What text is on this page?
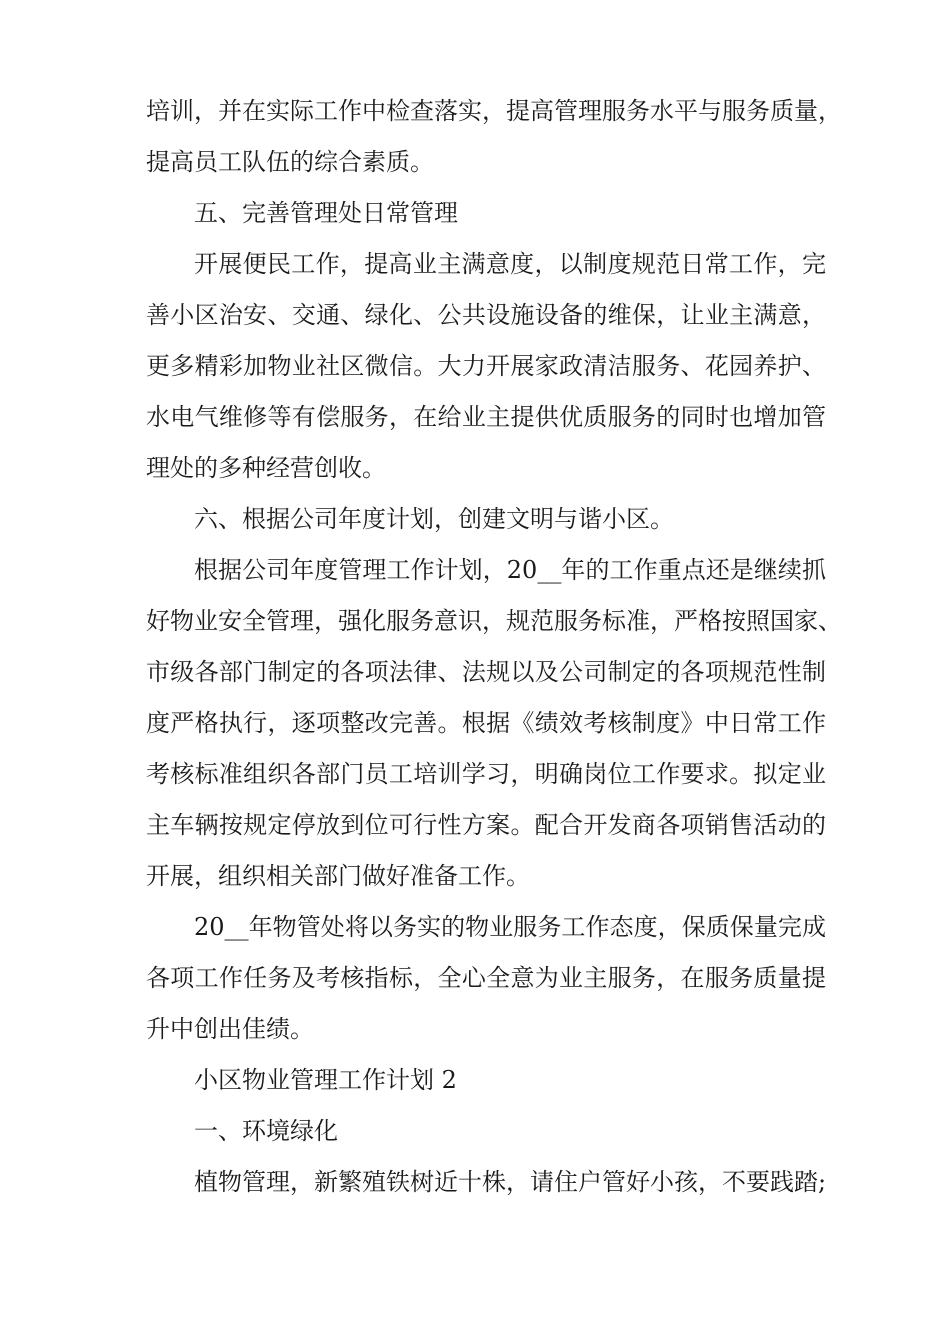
培训，并在实际工作中检查落实，提高管理服务水平与服务质量，
提高员工队伍的综合素质。
五、完善管理处日常管理
开展便民工作，提高业主满意度，以制度规范日常工作，完
善小区治安、交通、绿化、公共设施设备的维保，让业主满意，
更多精彩加物业社区微信。大力开展家政清洁服务、花园养护、
水电气维修等有偿服务，在给业主提供优质服务的同时也增加管
理处的多种经营创收。
六、根据公司年度计划，创建文明与谐小区。
根据公司年度管理工作计划，20__年的工作重点还是继续抓
好物业安全管理，强化服务意识，规范服务标准，严格按照国家、
市级各部门制定的各项法律、法规以及公司制定的各项规范性制
度严格执行，逐项整改完善。根据《绩效考核制度》中日常工作
考核标准组织各部门员工培训学习，明确岗位工作要求。拟定业
主车辆按规定停放到位可行性方案。配合开发商各项销售活动的
开展，组织相关部门做好准备工作。
20__年物管处将以务实的物业服务工作态度，保质保量完成
各项工作任务及考核指标，全心全意为业主服务，在服务质量提
升中创出佳绩。
小区物业管理工作计划 2
一、环境绿化
植物管理，新繁殖铁树近十株，请住户管好小孩，不要践踏;
